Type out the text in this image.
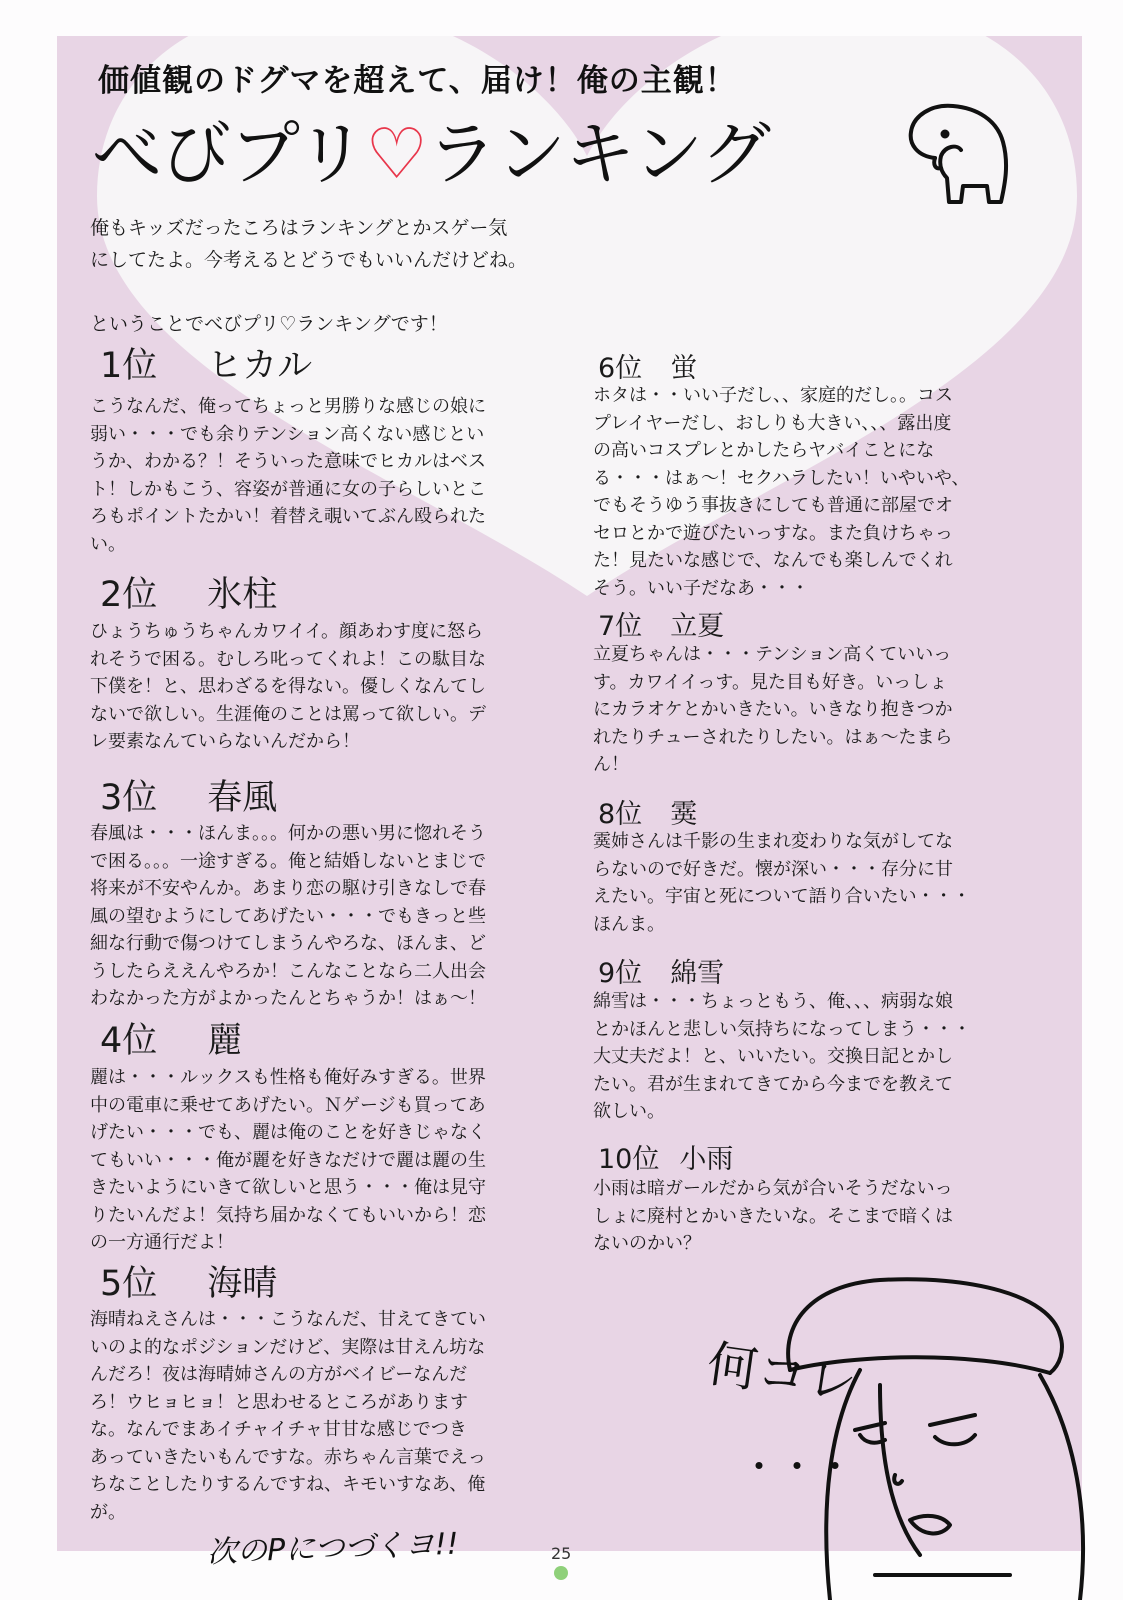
価値観のドグマを超えて、届け！俺の主観！
べびプリ♡ランキング
俺もキッズだったころはランキングとかスゲー気
にしてたよ。今考えるとどうでもいいんだけどね。
ということでべびプリ♡ランキングです！
1位 ヒカル
こうなんだ、俺ってちょっと男勝りな感じの娘に
弱い・・・でも余りテンション高くない感じとい
うか、わかる？！そういった意味でヒカルはベス
ト！しかもこう、容姿が普通に女の子らしいとこ
ろもポイントたかい！着替え覗いてぶん殴られた
い。
2位 氷柱
ひょうちゅうちゃんカワイイ。顔あわす度に怒ら
れそうで困る。むしろ叱ってくれよ！この駄目な
下僕を！と、思わざるを得ない。優しくなんてし
ないで欲しい。生涯俺のことは罵って欲しい。デ
レ要素なんていらないんだから！
3位 春風
春風は・・・ほんま。。。何かの悪い男に惚れそう
で困る。。。一途すぎる。俺と結婚しないとまじで
将来が不安やんか。あまり恋の駆け引きなしで春
風の望むようにしてあげたい・・・でもきっと些
細な行動で傷つけてしまうんやろな、ほんま、ど
うしたらええんやろか！こんなことなら二人出会
わなかった方がよかったんとちゃうか！はぁ～！
4位 麗
麗は・・・ルックスも性格も俺好みすぎる。世界
中の電車に乗せてあげたい。Ｎゲージも買ってあ
げたい・・・でも、麗は俺のことを好きじゃなく
てもいい・・・俺が麗を好きなだけで麗は麗の生
きたいようにいきて欲しいと思う・・・俺は見守
りたいんだよ！気持ち届かなくてもいいから！恋
の一方通行だよ！
5位 海晴
海晴ねえさんは・・・こうなんだ、甘えてきてい
いのよ的なポジションだけど、実際は甘えん坊な
んだろ！夜は海晴姉さんの方がベイビーなんだ
ろ！ウヒョヒョ！と思わせるところがあります
な。なんでまあイチャイチャ甘甘な感じでつき
あっていきたいもんですな。赤ちゃん言葉でえっ
ちなことしたりするんですね、キモいすなあ、俺
が。
6位 蛍
ホタは・・いい子だし、、家庭的だし。。コス
プレイヤーだし、おしりも大きい、、、露出度
の高いコスプレとかしたらヤバイことにな
る・・・はぁ～！セクハラしたい！いやいや、
でもそうゆう事抜きにしても普通に部屋でオ
セロとかで遊びたいっすな。また負けちゃっ
た！見たいな感じで、なんでも楽しんでくれ
そう。いい子だなあ・・・
7位 立夏
立夏ちゃんは・・・テンション高くていいっ
す。カワイイっす。見た目も好き。いっしょ
にカラオケとかいきたい。いきなり抱きつか
れたりチューされたりしたい。はぁ～たまら
ん！
8位 霙
霙姉さんは千影の生まれ変わりな気がしてな
らないので好きだ。懐が深い・・・存分に甘
えたい。宇宙と死について語り合いたい・・・
ほんま。
9位 綿雪
綿雪は・・・ちょっともう、俺、、、病弱な娘
とかほんと悲しい気持ちになってしまう・・・
大丈夫だよ！と、いいたい。交換日記とかし
たい。君が生まれてきてから今までを教えて
欲しい。
10位 小雨
小雨は暗ガールだから気が合いそうだないっ
しょに廃村とかいきたいな。そこまで暗くは
ないのかい？
何コレ
・・・
次のPにつづくヨ!!	25
